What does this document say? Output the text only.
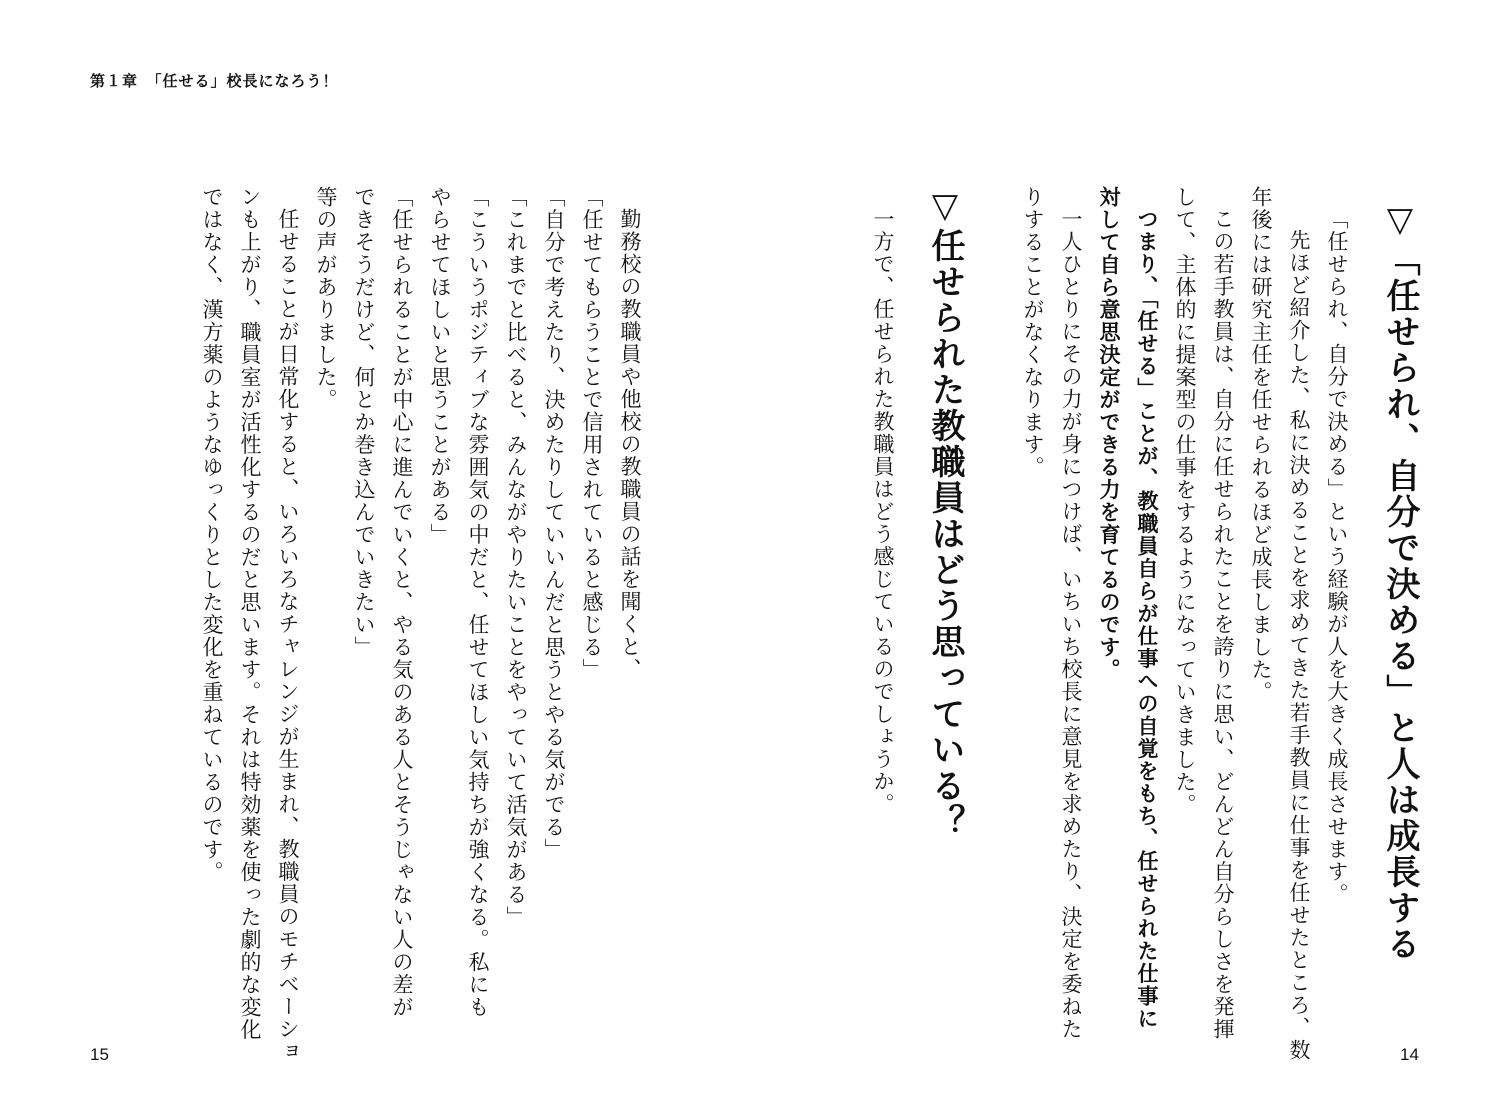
第１章　「任せる」校長になろう！
▽「任せられ、自分で決める」と人は成長する
「任せられ、自分で決める」という経験が人を大きく成長させます。
先ほど紹介した、私に決めることを求めてきた若手教員に仕事を任せたところ、数
年後には研究主任を任せられるほど成長しました。
この若手教員は、自分に任せられたことを誇りに思い、どんどん自分らしさを発揮
して、主体的に提案型の仕事をするようになっていきました。
つまり、「任せる」ことが、教職員自らが仕事への自覚をもち、任せられた仕事に
対して自ら意思決定ができる力を育てるのです。
一人ひとりにその力が身につけば、いちいち校長に意見を求めたり、決定を委ねた
りすることがなくなります。
▽任せられた教職員はどう思っている？
一方で、任せられた教職員はどう感じているのでしょうか。
勤務校の教職員や他校の教職員の話を聞くと、
「任せてもらうことで信用されていると感じる」
「自分で考えたり、決めたりしていいんだと思うとやる気がでる」
「これまでと比べると、みんながやりたいことをやっていて活気がある」
「こういうポジティブな雰囲気の中だと、任せてほしい気持ちが強くなる。私にも
やらせてほしいと思うことがある」
「任せられることが中心に進んでいくと、やる気のある人とそうじゃない人の差が
できそうだけど、何とか巻き込んでいきたい」
等の声がありました。
任せることが日常化すると、いろいろなチャレンジが生まれ、教職員のモチベーショ
ンも上がり、職員室が活性化するのだと思います。それは特効薬を使った劇的な変化
ではなく、漢方薬のようなゆっくりとした変化を重ねているのです。
15	14
